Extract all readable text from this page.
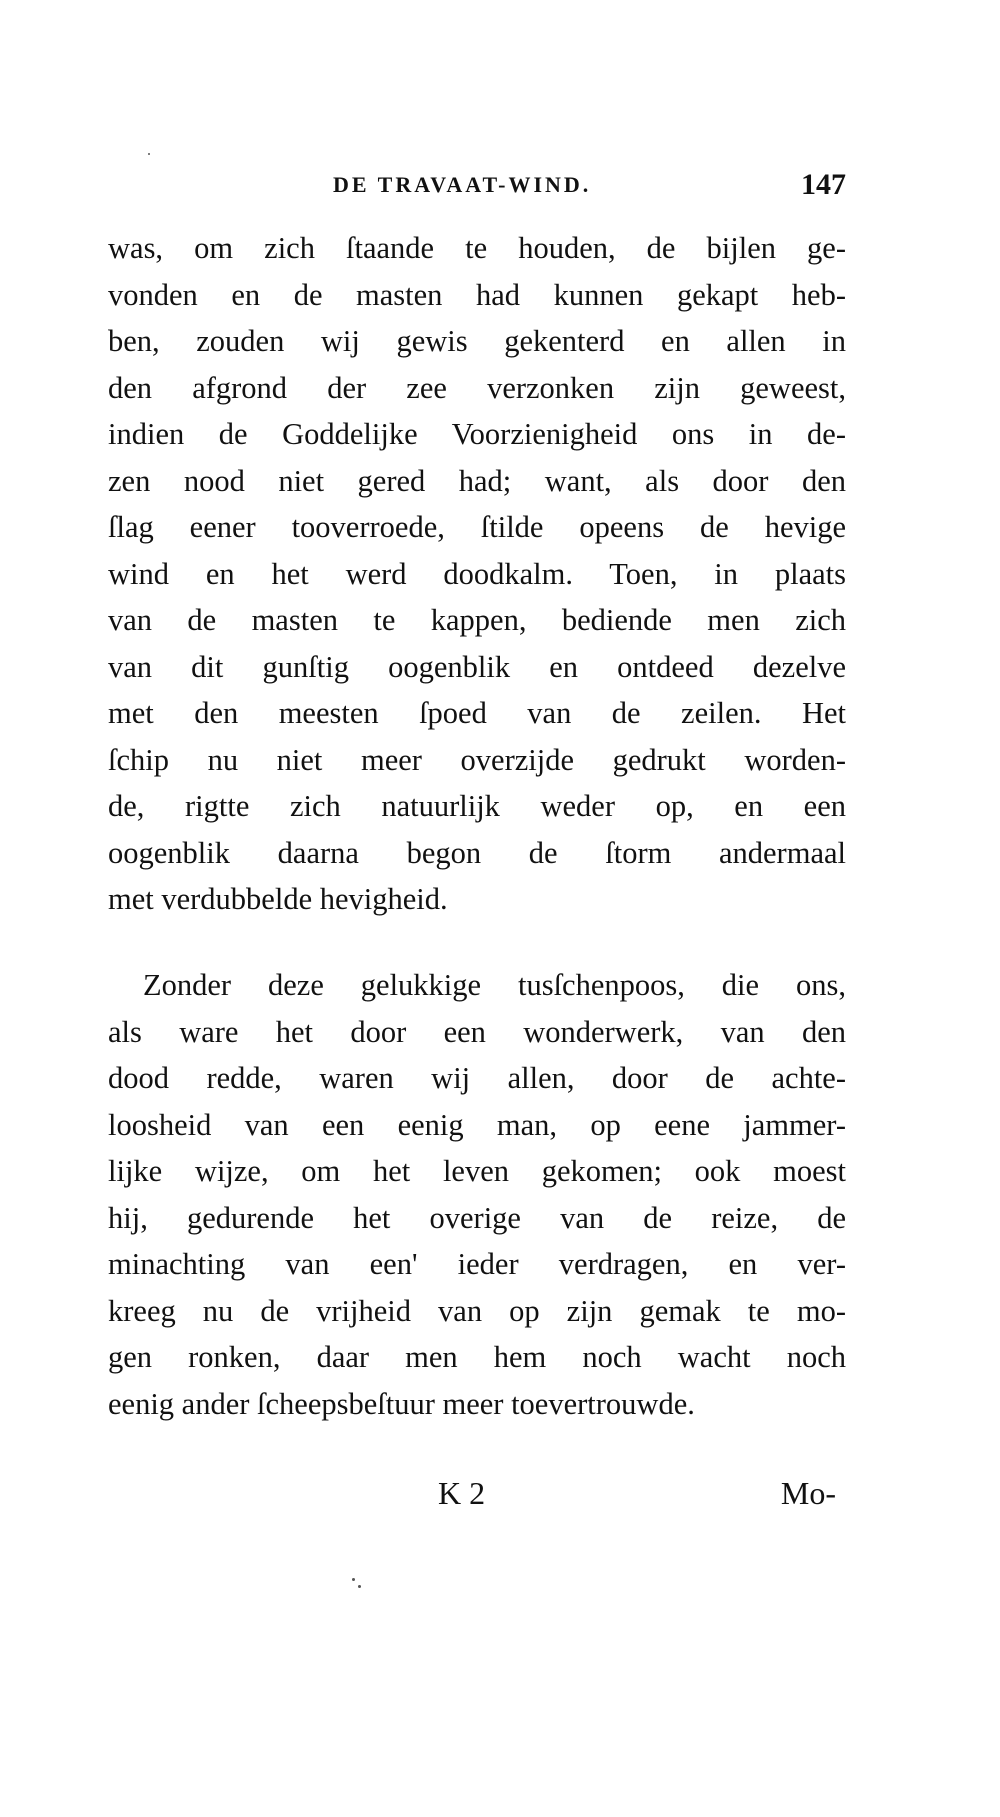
DE TRAVAAT-WIND.	147
was, om zich ſtaande te houden, de bijlen ge-
vonden en de masten had kunnen gekapt heb-
ben, zouden wij gewis gekenterd en allen in
den afgrond der zee verzonken zijn geweest,
indien de Goddelijke Voorzienigheid ons in de-
zen nood niet gered had; want, als door den
ſlag eener tooverroede, ſtilde opeens de hevige
wind en het werd doodkalm. Toen, in plaats
van de masten te kappen, bediende men zich
van dit gunſtig oogenblik en ontdeed dezelve
met den meesten ſpoed van de zeilen. Het
ſchip nu niet meer overzijde gedrukt worden-
de, rigtte zich natuurlijk weder op, en een
oogenblik daarna begon de ſtorm andermaal
met verdubbelde hevigheid.
Zonder deze gelukkige tusſchenpoos, die ons,
als ware het door een wonderwerk, van den
dood redde, waren wij allen, door de achte-
loosheid van een eenig man, op eene jammer-
lijke wijze, om het leven gekomen; ook moest
hij, gedurende het overige van de reize, de
minachting van een' ieder verdragen, en ver-
kreeg nu de vrijheid van op zijn gemak te mo-
gen ronken, daar men hem noch wacht noch
eenig ander ſcheepsbeſtuur meer toevertrouwde.
K 2	Mo-
